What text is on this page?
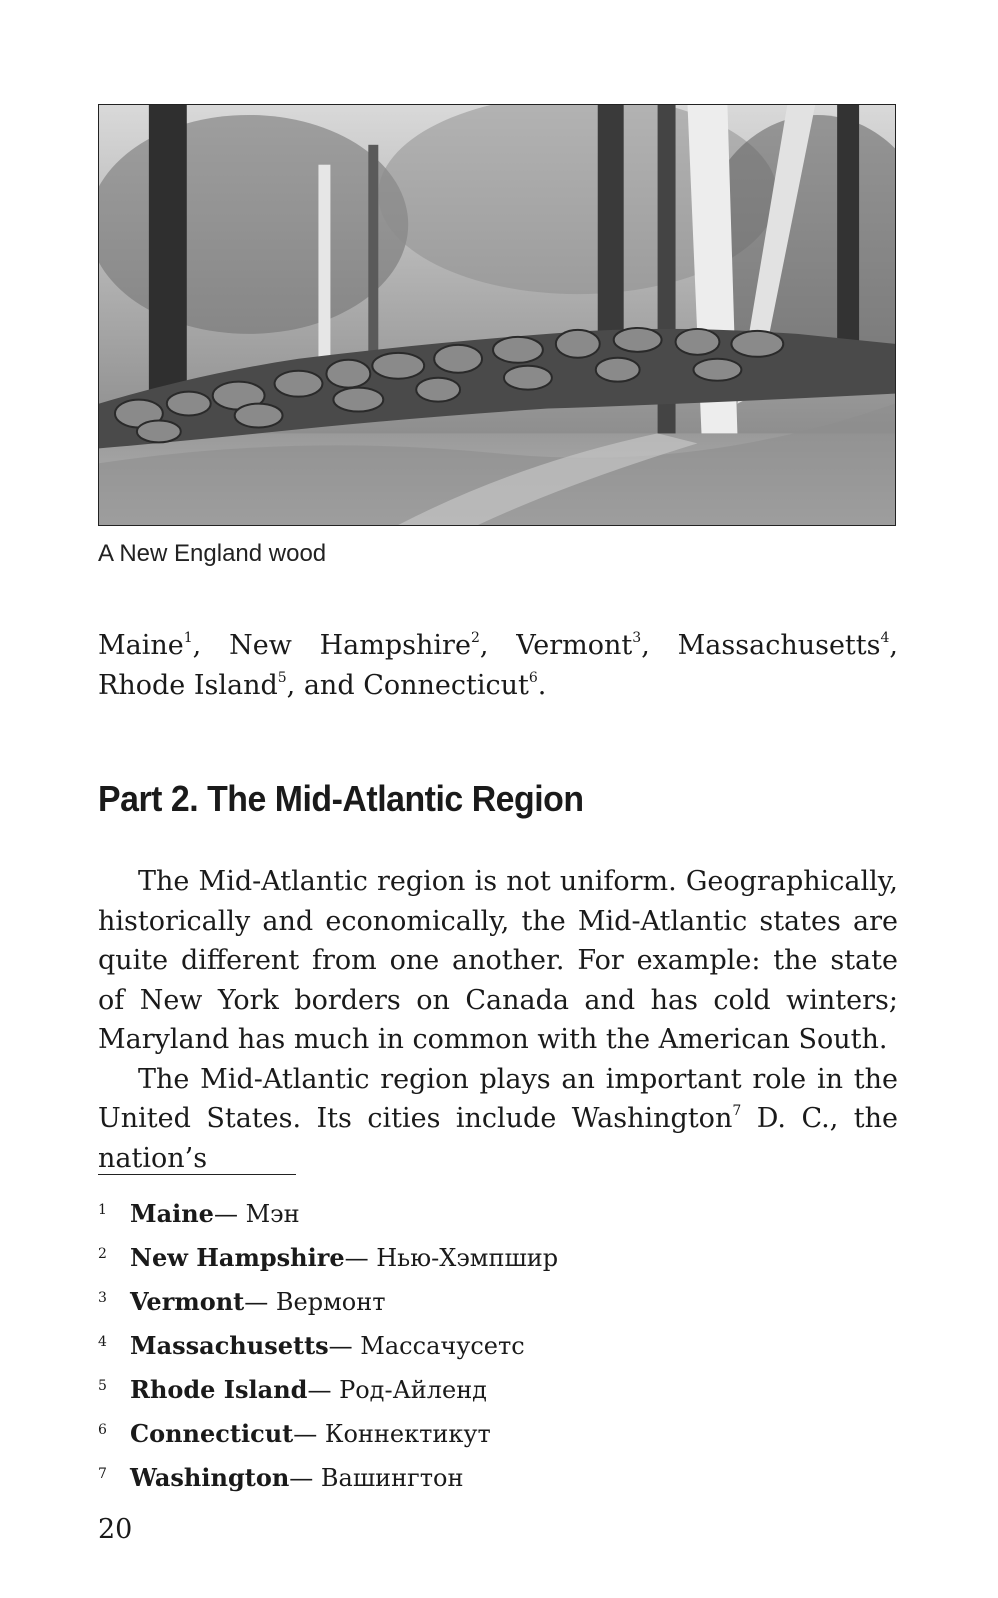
A New England wood
Maine$^1$, New Hampshire$^2$, Vermont$^3$, Massachusetts$^4$, Rhode Island$^5$, and Connecticut$^6$.
Part 2. The Mid-Atlantic Region

The Mid-Atlantic region is not uniform. Geographically, historically and economically, the Mid-Atlantic states are quite different from one another. For example: the state of New York borders on Canada and has cold winters; Maryland has much in common with the American South.

The Mid-Atlantic region plays an important role in the United States. Its cities include Washington$^7$ D. C., the nation’s

1 Maine — Мэн
2 New Hampshire — Нью-Хэмпшир
3 Vermont — Вермонт
4 Massachusetts — Массачусетс
5 Rhode Island — Род-Айленд
6 Connecticut — Коннектикут
7 Washington — Вашингтон
20
